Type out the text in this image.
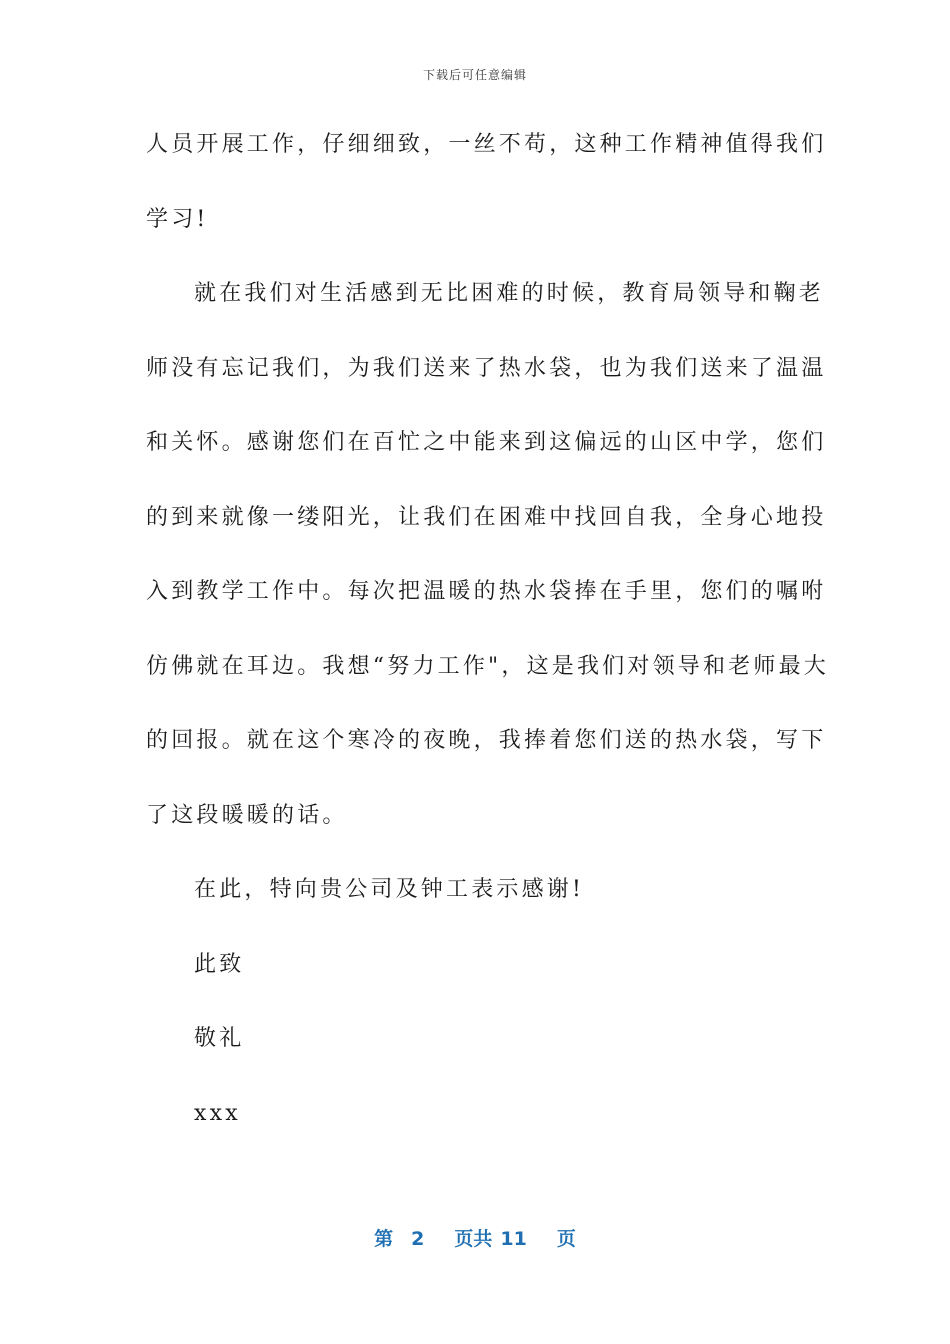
下载后可任意编辑
人员开展工作，仔细细致，一丝不苟，这种工作精神值得我们
学习!
就在我们对生活感到无比困难的时候，教育局领导和鞠老
师没有忘记我们，为我们送来了热水袋，也为我们送来了温温
和关怀。感谢您们在百忙之中能来到这偏远的山区中学，您们
的到来就像一缕阳光，让我们在困难中找回自我，全身心地投
入到教学工作中。每次把温暖的热水袋捧在手里，您们的嘱咐
仿佛就在耳边。我想“努力工作"，这是我们对领导和老师最大
的回报。就在这个寒冷的夜晚，我捧着您们送的热水袋，写下
了这段暖暖的话。
在此，特向贵公司及钟工表示感谢!
此致
敬礼
xxx
第 2 页共 11 页
